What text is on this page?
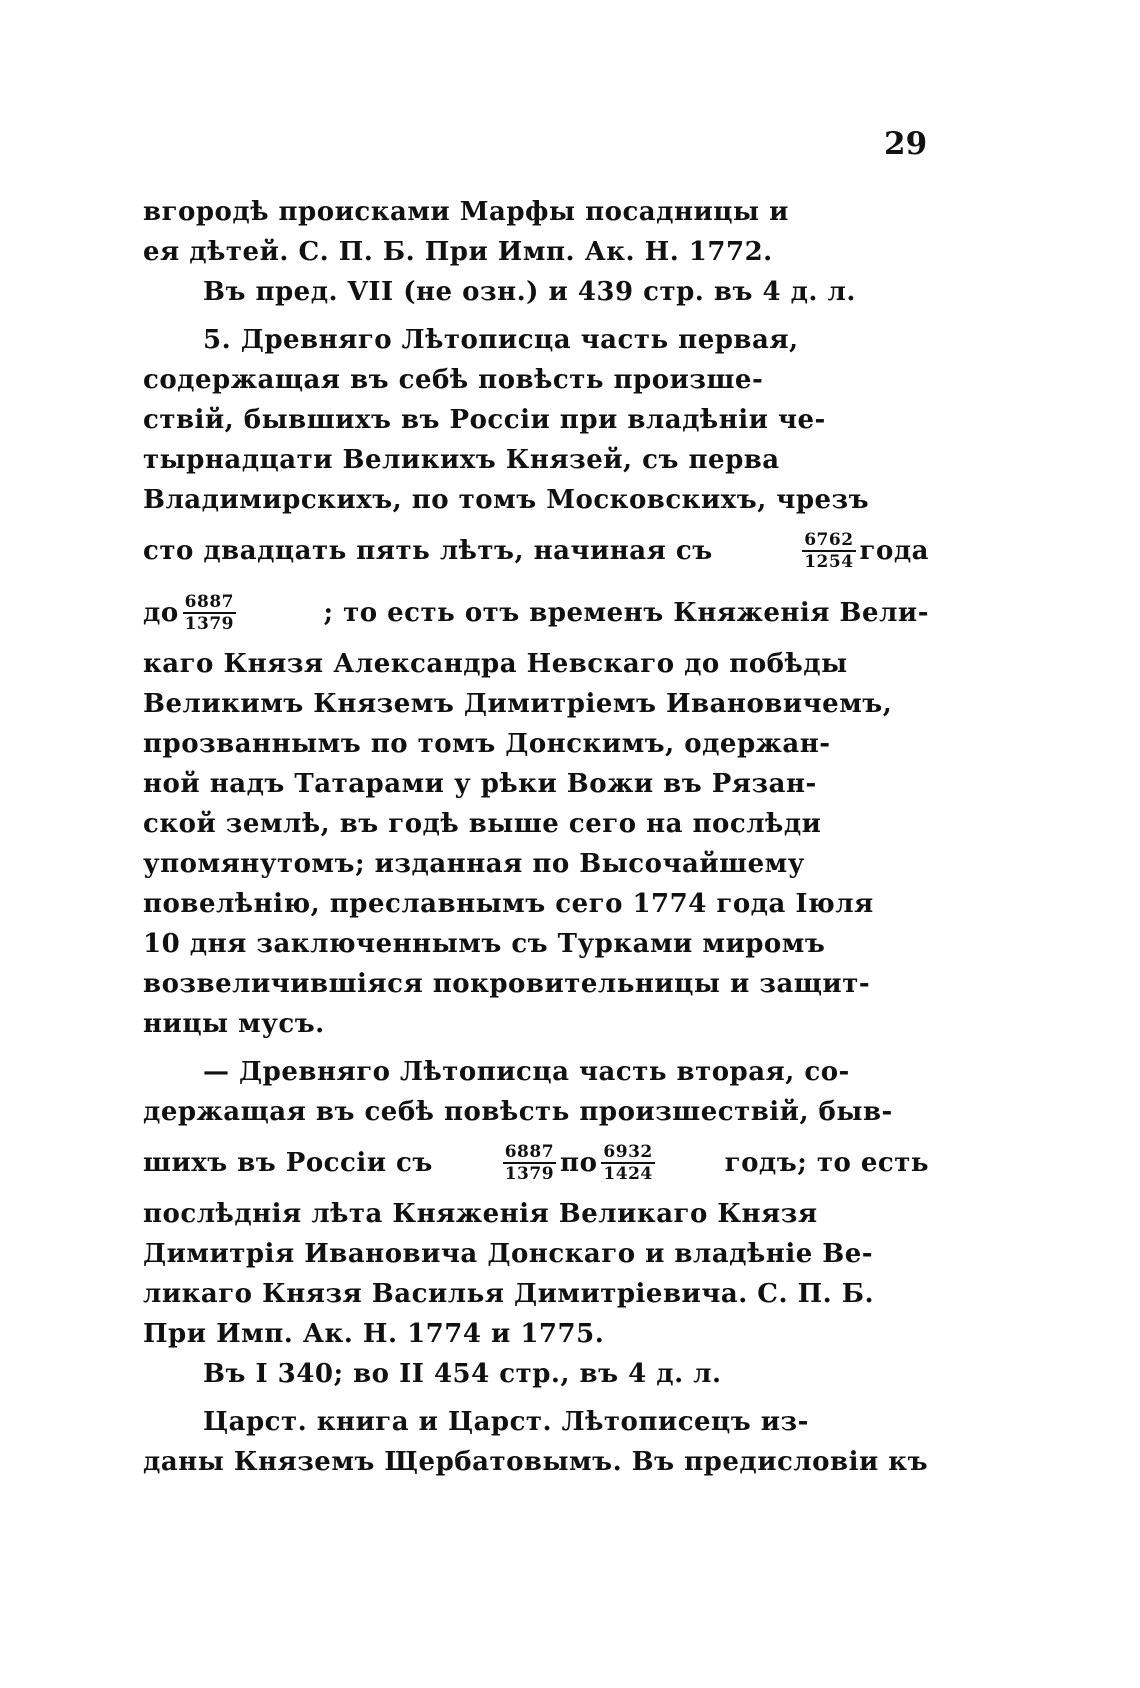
29
вгородѣ происками Марфы посадницы и
ея дѣтей. С. П. Б. При Имп. Ак. Н. 1772.
Въ пред. VII (не озн.) и 439 стр. въ 4 д. л.
5. Древняго Лѣтописца часть первая,
содержащая въ себѣ повѣсть произше-
ствій, бывшихъ въ Россіи при владѣніи че-
тырнадцати Великихъ Князей, съ перва
Владимирскихъ, по томъ Московскихъ, чрезъ
сто двадцать пять лѣтъ, начиная съ	$\frac{6762}{1254}$ года
до $\frac{6887}{1379}$	; то есть отъ временъ Княженія Вели-
каго Князя Александра Невскаго до побѣды
Великимъ Княземъ Димитріемъ Ивановичемъ,
прозваннымъ по томъ Донскимъ, одержан-
ной надъ Татарами у рѣки Вожи въ Рязан-
ской землѣ, въ годѣ выше сего на послѣди
упомянутомъ; изданная по Высочайшему
повелѣнію, преславнымъ сего 1774 года Іюля
10 дня заключеннымъ съ Турками миромъ
возвеличившіяся покровительницы и защит-
ницы мусъ.
— Древняго Лѣтописца часть вторая, со-
держащая въ себѣ повѣсть произшествій, быв-
шихъ въ Россіи съ	$\frac{6887}{1379}$ по $\frac{6932}{1424}$	годъ; то есть
послѣднія лѣта Княженія Великаго Князя
Димитрія Ивановича Донскаго и владѣніе Ве-
ликаго Князя Василья Димитріевича. С. П. Б.
При Имп. Ак. Н. 1774 и 1775.
Въ I 340; во II 454 стр., въ 4 д. л.
Царст. книга и Царст. Лѣтописецъ из-
даны Княземъ Щербатовымъ. Въ предисловіи къ
